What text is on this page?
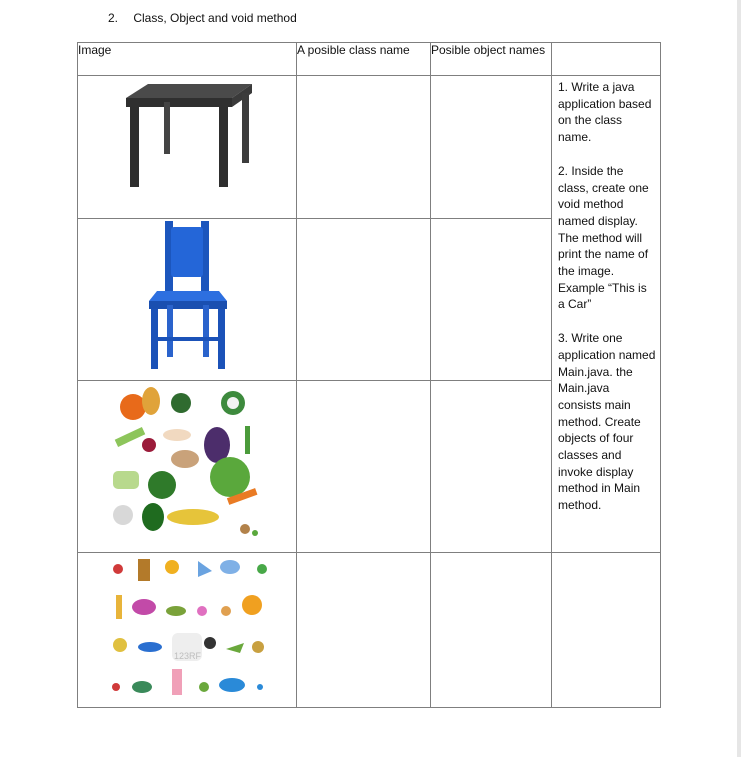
2. Class, Object and void method
Image	A posible class name	Posible object names	

1. Write a java application based on the class name.

2. Inside the class, create one void method named display. The method will print the name of the image. Example “This is a Car”

3. Write one application named Main.java. the Main.java consists main method. Create objects of four classes and invoke display method in Main method.

123RF			
